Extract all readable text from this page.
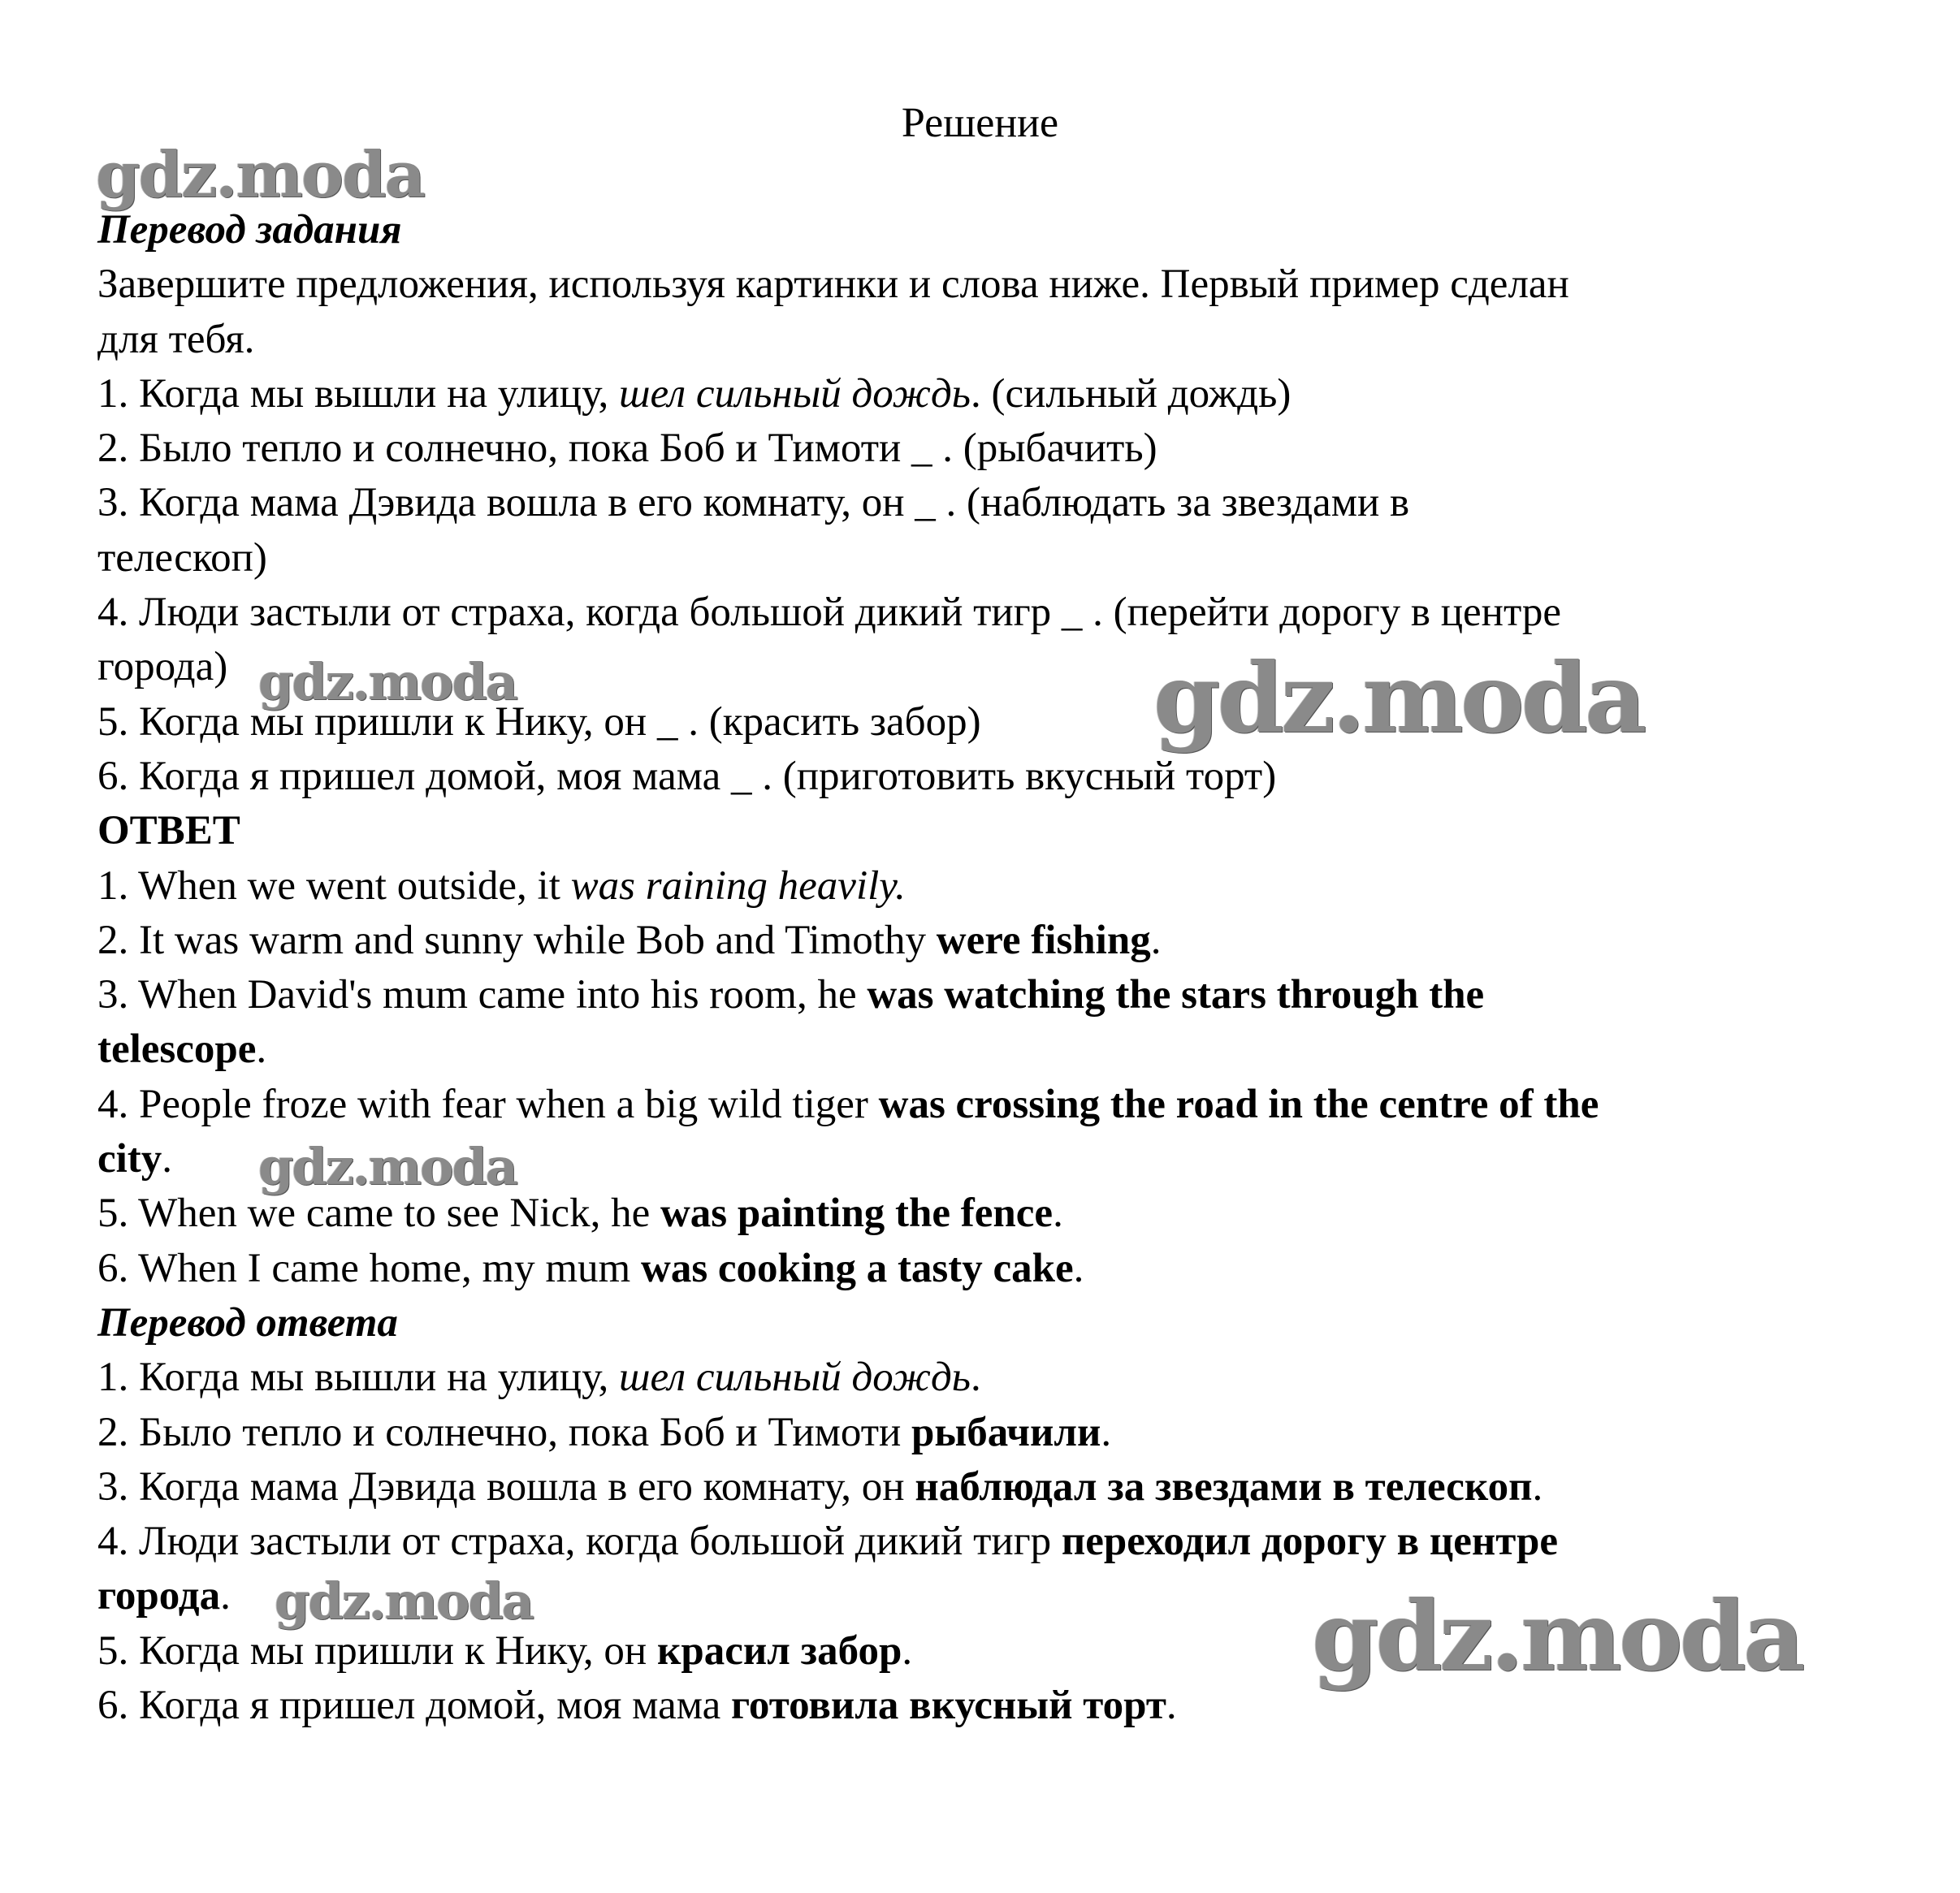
Решение
Перевод задания
Завершите предложения, используя картинки и слова ниже. Первый пример сделан
для тебя.
1. Когда мы вышли на улицу, шел сильный дождь. (сильный дождь)
2. Было тепло и солнечно, пока Боб и Тимоти _ . (рыбачить)
3. Когда мама Дэвида вошла в его комнату, он _ . (наблюдать за звездами в
телескоп)
4. Люди застыли от страха, когда большой дикий тигр _ . (перейти дорогу в центре
города)
5. Когда мы пришли к Нику, он _ . (красить забор)
6. Когда я пришел домой, моя мама _ . (приготовить вкусный торт)
ОТВЕТ
1. When we went outside, it was raining heavily.
2. It was warm and sunny while Bob and Timothy were fishing.
3. When David's mum came into his room, he was watching the stars through the
telescope.
4. People froze with fear when a big wild tiger was crossing the road in the centre of the
city.
5. When we came to see Nick, he was painting the fence.
6. When I came home, my mum was cooking a tasty cake.
Перевод ответа
1. Когда мы вышли на улицу, шел сильный дождь.
2. Было тепло и солнечно, пока Боб и Тимоти рыбачили.
3. Когда мама Дэвида вошла в его комнату, он наблюдал за звездами в телескоп.
4. Люди застыли от страха, когда большой дикий тигр переходил дорогу в центре
города.
5. Когда мы пришли к Нику, он красил забор.
6. Когда я пришел домой, моя мама готовила вкусный торт.
gdz.moda
gdz.moda	gdz.moda
gdz.moda
gdz.moda	gdz.moda
